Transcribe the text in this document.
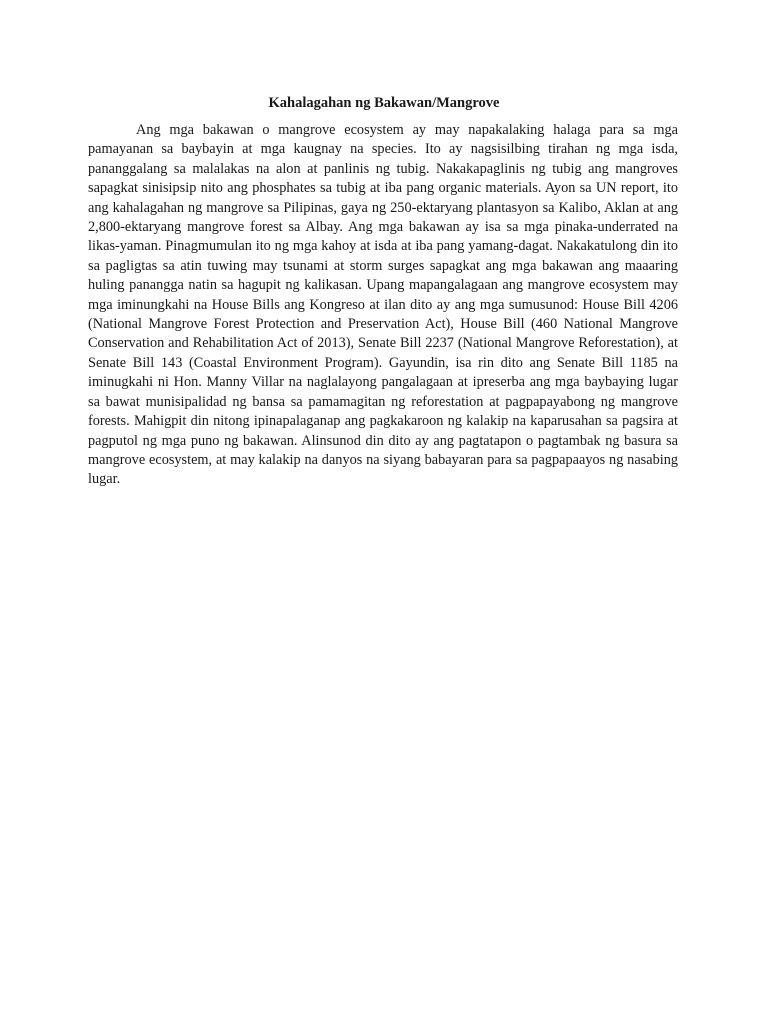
Kahalagahan ng Bakawan/Mangrove

Ang mga bakawan o mangrove ecosystem ay may napakalaking halaga para sa mga pamayanan sa baybayin at mga kaugnay na species. Ito ay nagsisilbing tirahan ng mga isda, pananggalang sa malalakas na alon at panlinis ng tubig. Nakakapaglinis ng tubig ang mangroves sapagkat sinisipsip nito ang phosphates sa tubig at iba pang organic materials. Ayon sa UN report, ito ang kahalagahan ng mangrove sa Pilipinas, gaya ng 250-ektaryang plantasyon sa Kalibo, Aklan at ang 2,800-ektaryang mangrove forest sa Albay. Ang mga bakawan ay isa sa mga pinaka-underrated na likas-yaman. Pinagmumulan ito ng mga kahoy at isda at iba pang yamang-dagat. Nakakatulong din ito sa pagligtas sa atin tuwing may tsunami at storm surges sapagkat ang mga bakawan ang maaaring huling panangga natin sa hagupit ng kalikasan. Upang mapangalagaan ang mangrove ecosystem may mga iminungkahi na House Bills ang Kongreso at ilan dito ay ang mga sumusunod: House Bill 4206 (National Mangrove Forest Protection and Preservation Act), House Bill (460 National Mangrove Conservation and Rehabilitation Act of 2013), Senate Bill 2237 (National Mangrove Reforestation), at Senate Bill 143 (Coastal Environment Program). Gayundin, isa rin dito ang Senate Bill 1185 na iminugkahi ni Hon. Manny Villar na naglalayong pangalagaan at ipreserba ang mga baybaying lugar sa bawat munisipalidad ng bansa sa pamamagitan ng reforestation at pagpapayabong ng mangrove forests. Mahigpit din nitong ipinapalaganap ang pagkakaroon ng kalakip na kaparusahan sa pagsira at pagputol ng mga puno ng bakawan. Alinsunod din dito ay ang pagtatapon o pagtambak ng basura sa mangrove ecosystem, at may kalakip na danyos na siyang babayaran para sa pagpapaayos ng nasabing lugar.
